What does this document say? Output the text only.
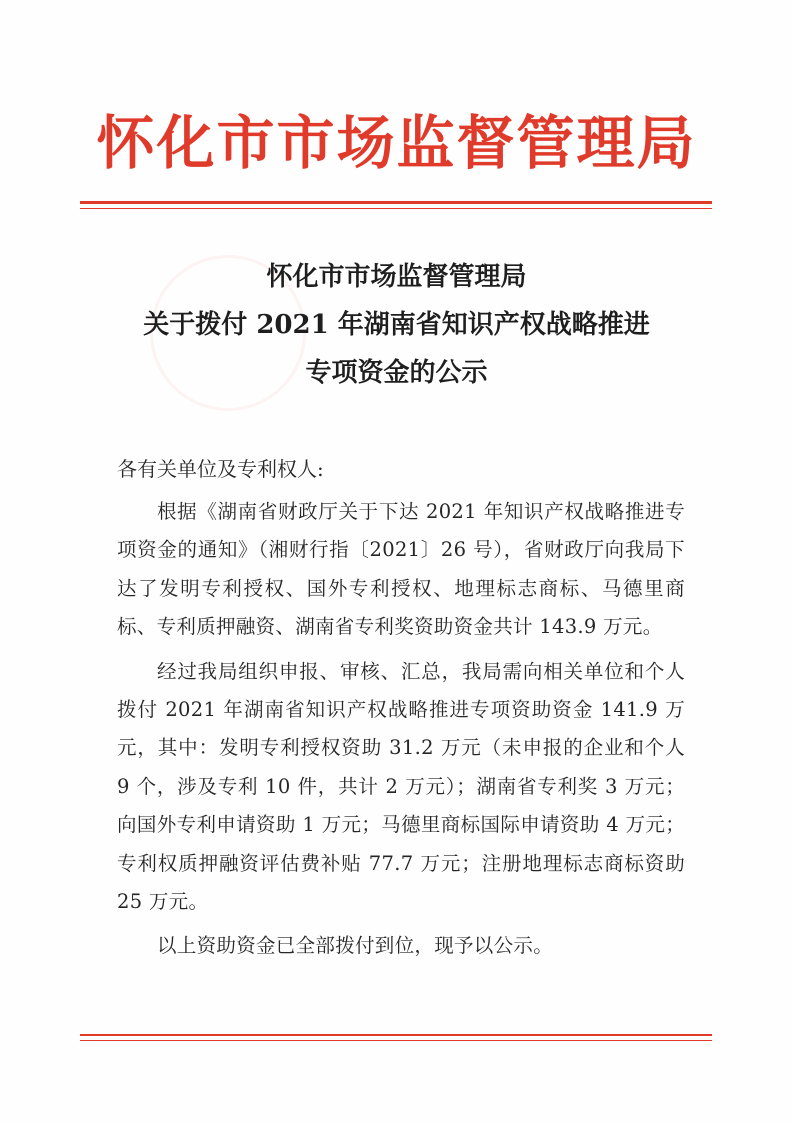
怀化市市场监督管理局
怀化市市场监督管理局
关于拨付 2021 年湖南省知识产权战略推进
专项资金的公示
各有关单位及专利权人:

根据《湖南省财政厅关于下达 2021 年知识产权战略推进专项资金的通知》（湘财行指〔2021〕26 号），省财政厅向我局下达了发明专利授权、国外专利授权、地理标志商标、马德里商标、专利质押融资、湖南省专利奖资助资金共计 143.9 万元。

经过我局组织申报、审核、汇总，我局需向相关单位和个人拨付 2021 年湖南省知识产权战略推进专项资助资金 141.9 万元，其中：发明专利授权资助 31.2 万元（未申报的企业和个人 9 个，涉及专利 10 件，共计 2 万元）；湖南省专利奖 3 万元；向国外专利申请资助 1 万元；马德里商标国际申请资助 4 万元；专利权质押融资评估费补贴 77.7 万元；注册地理标志商标资助 25 万元。

以上资助资金已全部拨付到位，现予以公示。
